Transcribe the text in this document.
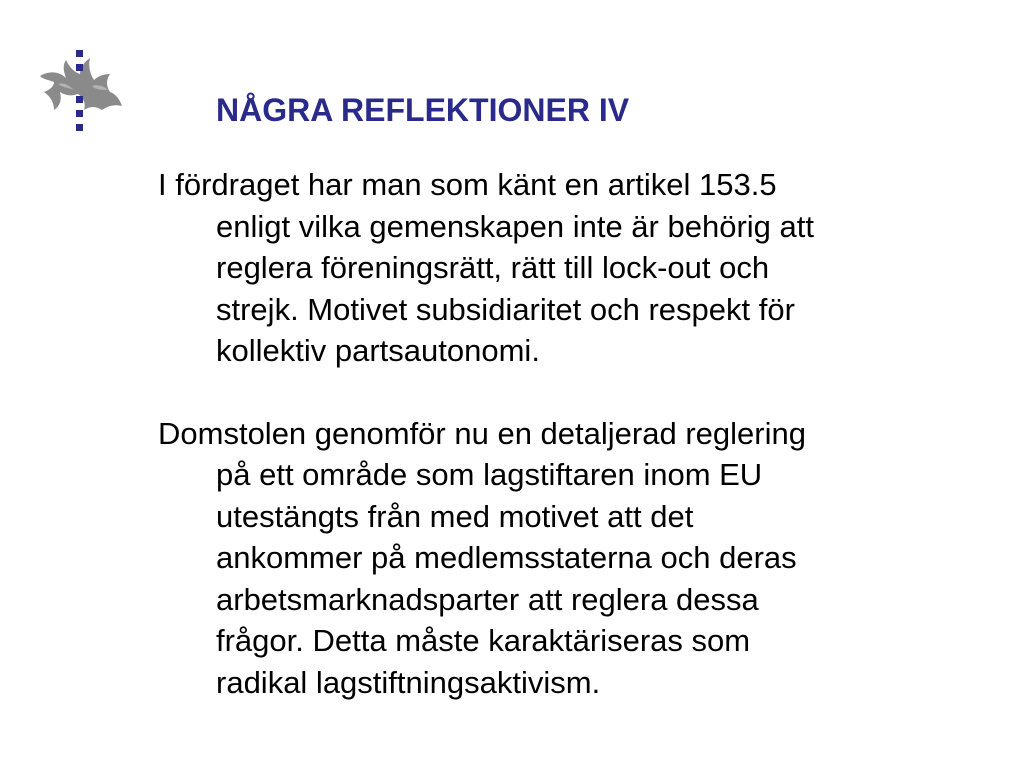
NÅGRA REFLEKTIONER IV

I fördraget har man som känt en artikel 153.5
enligt vilka gemenskapen inte är behörig att
reglera föreningsrätt, rätt till lock-out och
strejk. Motivet subsidiaritet och respekt för
kollektiv partsautonomi.

Domstolen genomför nu en detaljerad reglering
på ett område som lagstiftaren inom EU
utestängts från med motivet att det
ankommer på medlemsstaterna och deras
arbetsmarknadsparter att reglera dessa
frågor. Detta måste karaktäriseras som
radikal lagstiftningsaktivism.
